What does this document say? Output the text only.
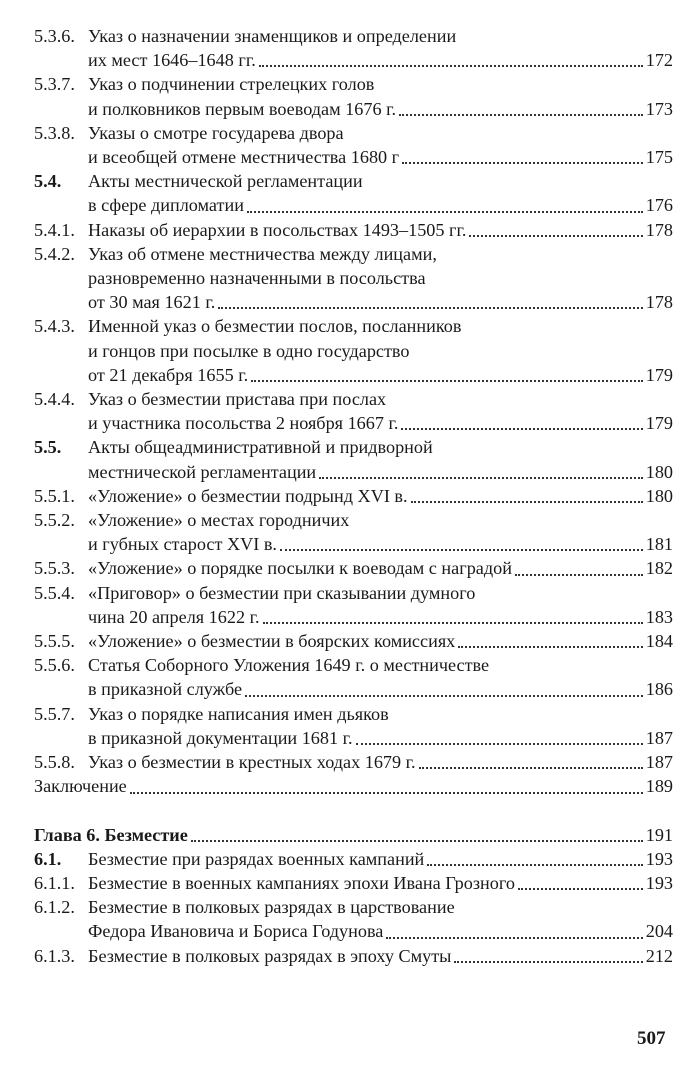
5.3.6. Указ о назначении знаменщиков и определении
их мест 1646–1648 гг.	172
5.3.7. Указ о подчинении стрелецких голов
и полковников первым воеводам 1676 г.	173
5.3.8. Указы о смотре государева двора
и всеобщей отмене местничества 1680 г	175
5.4.	Акты местнической регламентации
в сфере дипломатии	176
5.4.1. Наказы об иерархии в посольствах 1493–1505 гг.	178
5.4.2. Указ об отмене местничества между лицами,
разновременно назначенными в посольства
от 30 мая 1621 г.	178
5.4.3. Именной указ о безместии послов, посланников
и гонцов при посылке в одно государство
от 21 декабря 1655 г.	179
5.4.4. Указ о безместии пристава при послах
и участника посольства 2 ноября 1667 г.	179
5.5.	Акты общеадминистративной и придворной
местнической регламентации	180
5.5.1. «Уложение» о безместии подрынд XVI в.	180
5.5.2. «Уложение» о местах городничих
и губных старост XVI в.	181
5.5.3. «Уложение» о порядке посылки к воеводам с наградой	182
5.5.4. «Приговор» о безместии при сказывании думного
чина 20 апреля 1622 г.	183
5.5.5. «Уложение» о безместии в боярских комиссиях	184
5.5.6. Статья Соборного Уложения 1649 г. о местничестве
в приказной службе	186
5.5.7. Указ о порядке написания имен дьяков
в приказной документации 1681 г.	187
5.5.8. Указ о безместии в крестных ходах 1679 г.	187
Заключение	189
Глава 6. Безместие	191
6.1.	Безместие при разрядах военных кампаний	193
6.1.1. Безместие в военных кампаниях эпохи Ивана Грозного	193
6.1.2. Безместие в полковых разрядах в царствование
Федора Ивановича и Бориса Годунова	204
6.1.3. Безместие в полковых разрядах в эпоху Смуты	212
507
